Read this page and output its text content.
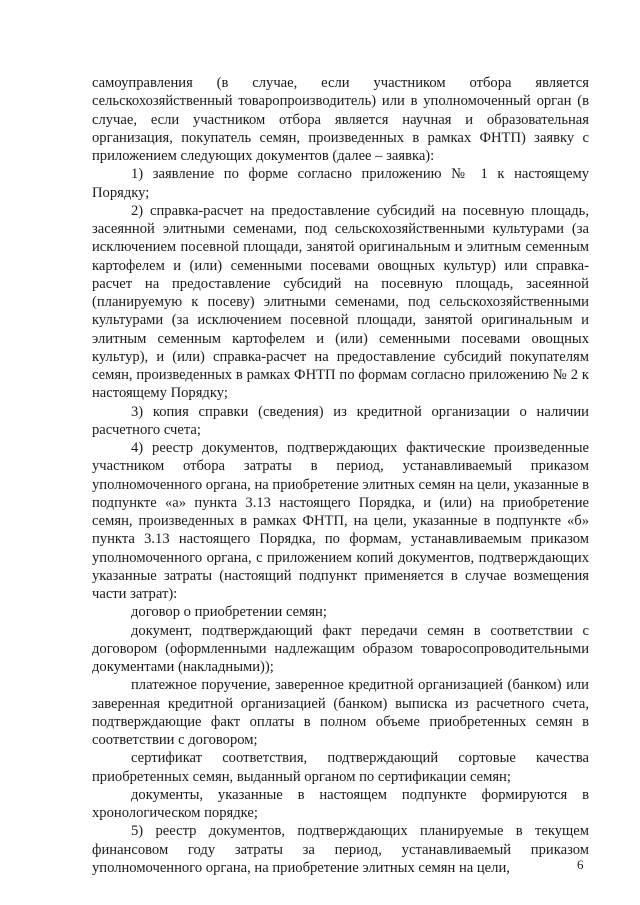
самоуправления (в случае, если участником отбора является сельскохозяйственный товаропроизводитель) или в уполномоченный орган (в случае, если участником отбора является научная и образовательная организация, покупатель семян, произведенных в рамках ФНТП) заявку с приложением следующих документов (далее – заявка):

1) заявление по форме согласно приложению № 1 к настоящему Порядку;

2) справка-расчет на предоставление субсидий на посевную площадь, засеянной элитными семенами, под сельскохозяйственными культурами (за исключением посевной площади, занятой оригинальным и элитным семенным картофелем и (или) семенными посевами овощных культур) или справка-расчет на предоставление субсидий на посевную площадь, засеянной (планируемую к посеву) элитными семенами, под сельскохозяйственными культурами (за исключением посевной площади, занятой оригинальным и элитным семенным картофелем и (или) семенными посевами овощных культур), и (или) справка-расчет на предоставление субсидий покупателям семян, произведенных в рамках ФНТП по формам согласно приложению № 2 к настоящему Порядку;

3) копия справки (сведения) из кредитной организации о наличии расчетного счета;

4) реестр документов, подтверждающих фактические произведенные участником отбора затраты в период, устанавливаемый приказом уполномоченного органа, на приобретение элитных семян на цели, указанные в подпункте «а» пункта 3.13 настоящего Порядка, и (или) на приобретение семян, произведенных в рамках ФНТП, на цели, указанные в подпункте «б» пункта 3.13 настоящего Порядка, по формам, устанавливаемым приказом уполномоченного органа, с приложением копий документов, подтверждающих указанные затраты (настоящий подпункт применяется в случае возмещения части затрат):

договор о приобретении семян;

документ, подтверждающий факт передачи семян в соответствии с договором (оформленными надлежащим образом товаросопроводительными документами (накладными));

платежное поручение, заверенное кредитной организацией (банком) или заверенная кредитной организацией (банком) выписка из расчетного счета, подтверждающие факт оплаты в полном объеме приобретенных семян в соответствии с договором;

сертификат соответствия, подтверждающий сортовые качества приобретенных семян, выданный органом по сертификации семян;

документы, указанные в настоящем подпункте формируются в хронологическом порядке;

5) реестр документов, подтверждающих планируемые в текущем финансовом году затраты за период, устанавливаемый приказом уполномоченного органа, на приобретение элитных семян на цели,	6
